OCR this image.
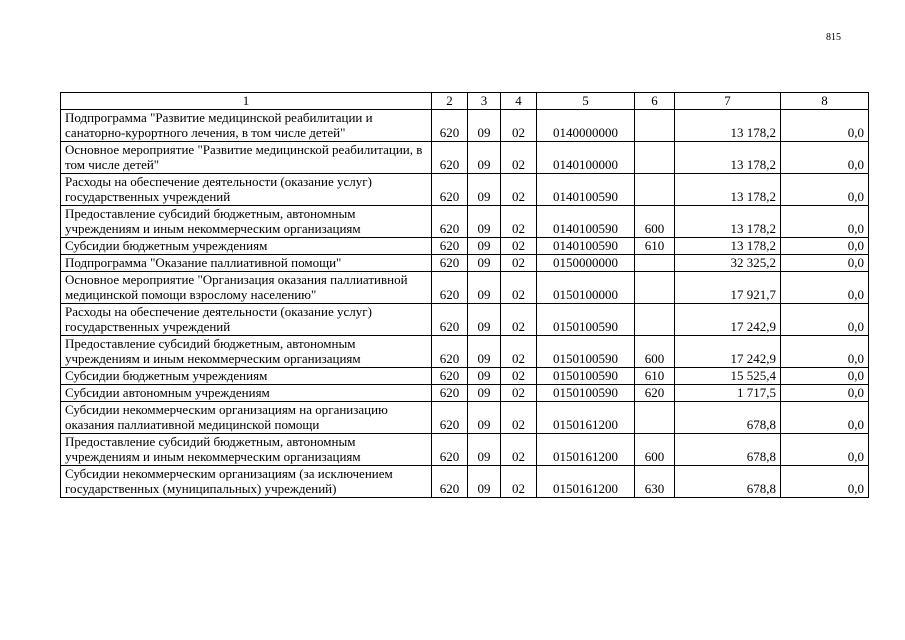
815
1	2	3	4	5	6	7	8
Подпрограмма "Развитие медицинской реабилитации и санаторно-курортного лечения, в том числе детей"	620	09	02	0140000000		13 178,2	0,0
Основное мероприятие "Развитие медицинской реабилитации, в том числе детей"	620	09	02	0140100000		13 178,2	0,0
Расходы на обеспечение деятельности (оказание услуг) государственных учреждений	620	09	02	0140100590		13 178,2	0,0
Предоставление субсидий бюджетным, автономным учреждениям и иным некоммерческим организациям	620	09	02	0140100590	600	13 178,2	0,0
Субсидии бюджетным учреждениям	620	09	02	0140100590	610	13 178,2	0,0
Подпрограмма "Оказание паллиативной помощи"	620	09	02	0150000000		32 325,2	0,0
Основное мероприятие "Организация оказания паллиативной медицинской помощи взрослому населению"	620	09	02	0150100000		17 921,7	0,0
Расходы на обеспечение деятельности (оказание услуг) государственных учреждений	620	09	02	0150100590		17 242,9	0,0
Предоставление субсидий бюджетным, автономным учреждениям и иным некоммерческим организациям	620	09	02	0150100590	600	17 242,9	0,0
Субсидии бюджетным учреждениям	620	09	02	0150100590	610	15 525,4	0,0
Субсидии автономным учреждениям	620	09	02	0150100590	620	1 717,5	0,0
Субсидии некоммерческим организациям на организацию оказания паллиативной медицинской помощи	620	09	02	0150161200		678,8	0,0
Предоставление субсидий бюджетным, автономным учреждениям и иным некоммерческим организациям	620	09	02	0150161200	600	678,8	0,0
Субсидии некоммерческим организациям (за исключением государственных (муниципальных) учреждений)	620	09	02	0150161200	630	678,8	0,0
